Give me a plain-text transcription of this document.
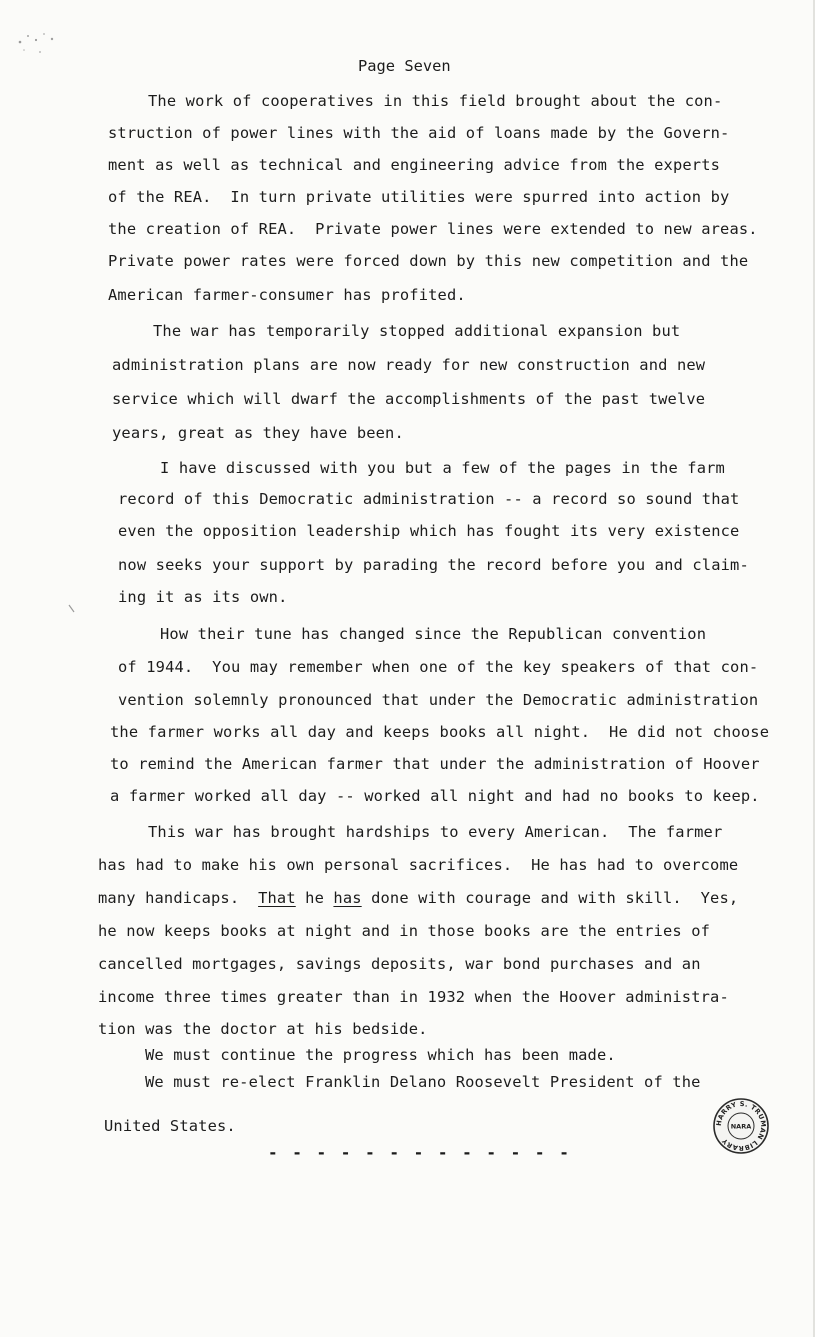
Page Seven
The work of cooperatives in this field brought about the con-
struction of power lines with the aid of loans made by the Govern-
ment as well as technical and engineering advice from the experts
of the REA.  In turn private utilities were spurred into action by
the creation of REA.  Private power lines were extended to new areas.
Private power rates were forced down by this new competition and the
American farmer-consumer has profited.
The war has temporarily stopped additional expansion but
administration plans are now ready for new construction and new
service which will dwarf the accomplishments of the past twelve
years, great as they have been.
I have discussed with you but a few of the pages in the farm
record of this Democratic administration -- a record so sound that
even the opposition leadership which has fought its very existence
now seeks your support by parading the record before you and claim-
ing it as its own.
How their tune has changed since the Republican convention
of 1944.  You may remember when one of the key speakers of that con-
vention solemnly pronounced that under the Democratic administration
the farmer works all day and keeps books all night.  He did not choose
to remind the American farmer that under the administration of Hoover
a farmer worked all day -- worked all night and had no books to keep.
This war has brought hardships to every American.  The farmer
has had to make his own personal sacrifices.  He has had to overcome
many handicaps.  That he has done with courage and with skill.  Yes,
he now keeps books at night and in those books are the entries of
cancelled mortgages, savings deposits, war bond purchases and an
income three times greater than in 1932 when the Hoover administra-
tion was the doctor at his bedside.
We must continue the progress which has been made.
We must re-elect Franklin Delano Roosevelt President of the
United States.
- - - - - - - - - - - - -
HARRY S. TRUMAN LIBRARY
NARA
